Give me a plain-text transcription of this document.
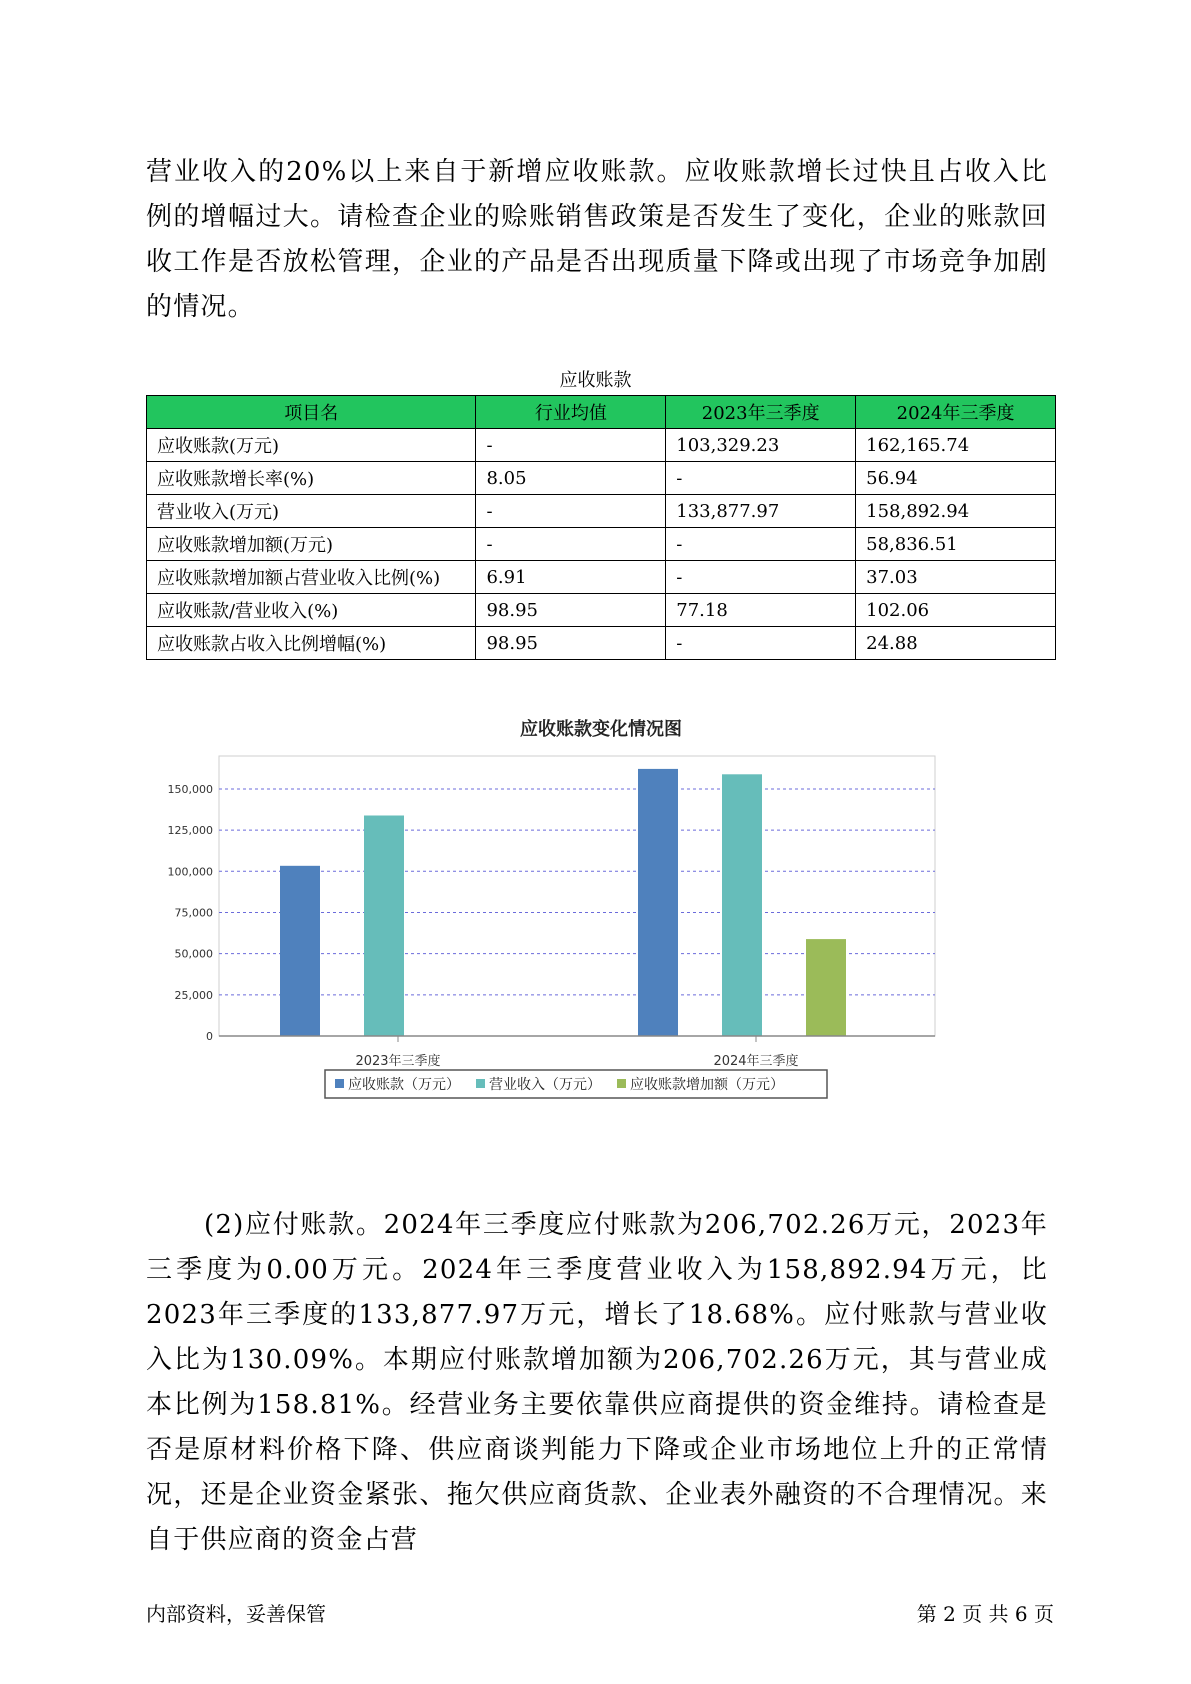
营业收入的20%以上来自于新增应收账款。应收账款增长过快且占收入比例的增幅过大。请检查企业的赊账销售政策是否发生了变化，企业的账款回收工作是否放松管理，企业的产品是否出现质量下降或出现了市场竞争加剧的情况。

应收账款
项目名	行业均值	2023年三季度	2024年三季度
应收账款(万元)	-	103,329.23	162,165.74
应收账款增长率(%)	8.05	-	56.94
营业收入(万元)	-	133,877.97	158,892.94
应收账款增加额(万元)	-	-	58,836.51
应收账款增加额占营业收入比例(%)	6.91	-	37.03
应收账款/营业收入(%)	98.95	77.18	102.06
应收账款占收入比例增幅(%)	98.95	-	24.88
应收账款变化情况图
0
25,000
50,000
75,000
100,000
125,000
150,000
2023年三季度	2024年三季度
应收账款（万元） 营业收入（万元） 应收账款增加额（万元）

(2)应付账款。2024年三季度应付账款为206,702.26万元，2023年三季度为0.00万元。2024年三季度营业收入为158,892.94万元，比2023年三季度的133,877.97万元，增长了18.68%。应付账款与营业收入比为130.09%。本期应付账款增加额为206,702.26万元，其与营业成本比例为158.81%。经营业务主要依靠供应商提供的资金维持。请检查是否是原材料价格下降、供应商谈判能力下降或企业市场地位上升的正常情况，还是企业资金紧张、拖欠供应商货款、企业表外融资的不合理情况。来自于供应商的资金占营

内部资料，妥善保管	第 2 页 共 6 页
